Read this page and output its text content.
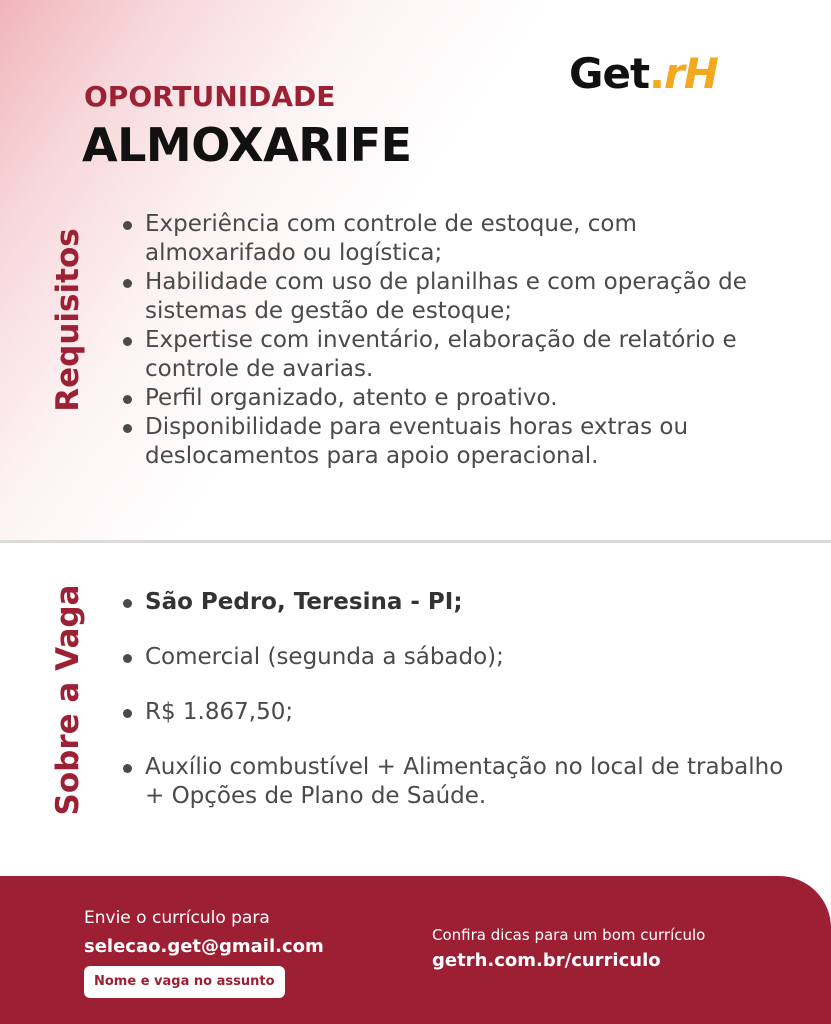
Get.rH
OPORTUNIDADE
ALMOXARIFE
Requisitos
Experiência com controle de estoque, com almoxarifado ou logística;
Habilidade com uso de planilhas e com operação de sistemas de gestão de estoque;
Expertise com inventário, elaboração de relatório e controle de avarias.
Perfil organizado, atento e proativo.
Disponibilidade para eventuais horas extras ou deslocamentos para apoio operacional.
Sobre a Vaga	São Pedro, Teresina - PI;
Comercial (segunda a sábado);
R$ 1.867,50;
Auxílio combustível + Alimentação no local de trabalho + Opções de Plano de Saúde.
Envie o currículo para
selecao.get@gmail.com
Nome e vaga no assunto
Confira dicas para um bom currículo
getrh.com.br/curriculo
